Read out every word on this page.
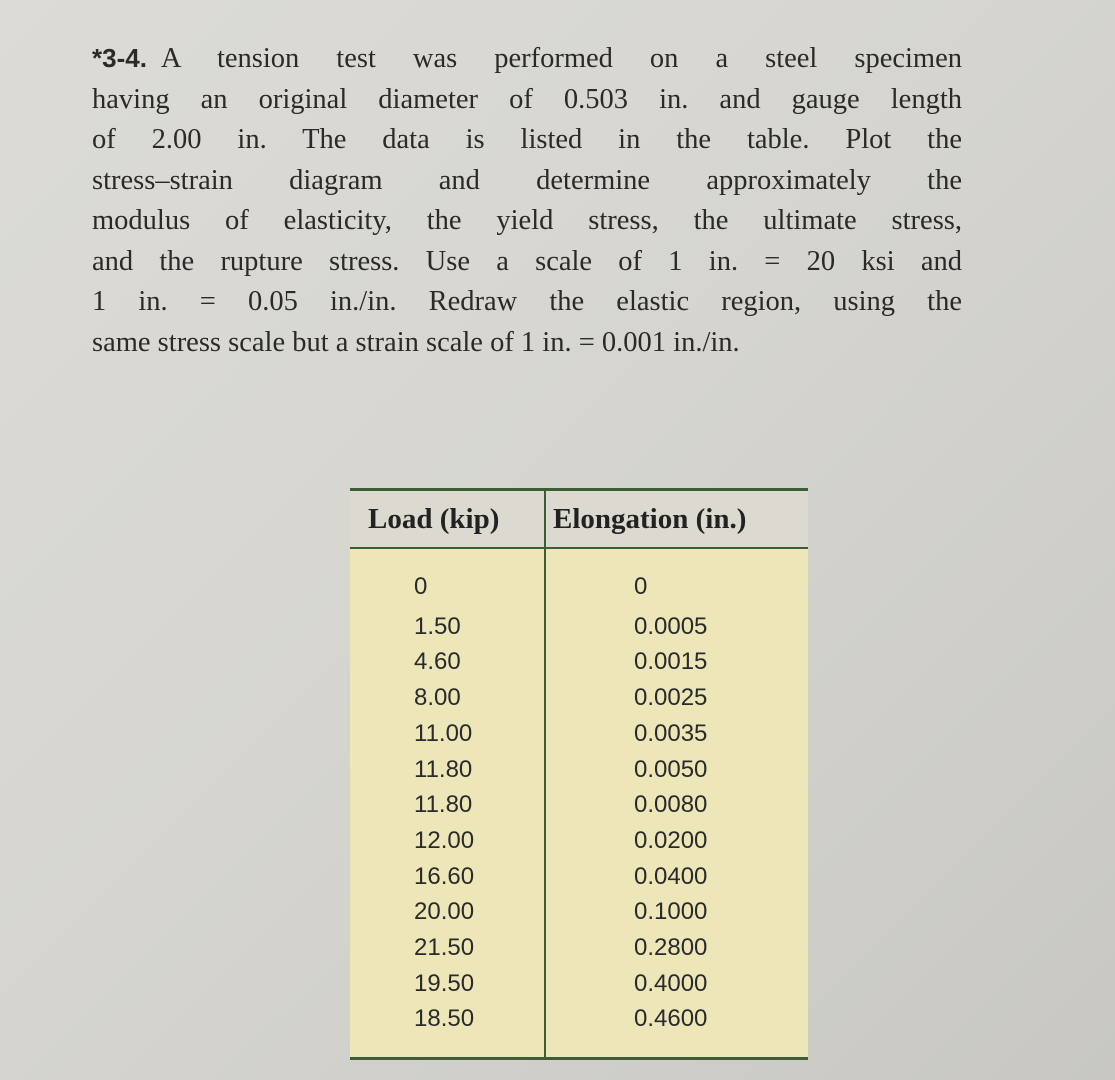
*3-4. A tension test was performed on a steel specimen
having an original diameter of 0.503 in. and gauge length
of 2.00 in. The data is listed in the table. Plot the
stress–strain diagram and determine approximately the
modulus of elasticity, the yield stress, the ultimate stress,
and the rupture stress. Use a scale of 1 in. = 20 ksi and
1 in. = 0.05 in./in. Redraw the elastic region, using the
same stress scale but a strain scale of 1 in. = 0.001 in./in.
Load (kip) Elongation (in.)
0
1.50
4.60
8.00
11.00
11.80
11.80
12.00
16.60
20.00
21.50
19.50
18.50
0
0.0005
0.0015
0.0025
0.0035
0.0050
0.0080
0.0200
0.0400
0.1000
0.2800
0.4000
0.4600
